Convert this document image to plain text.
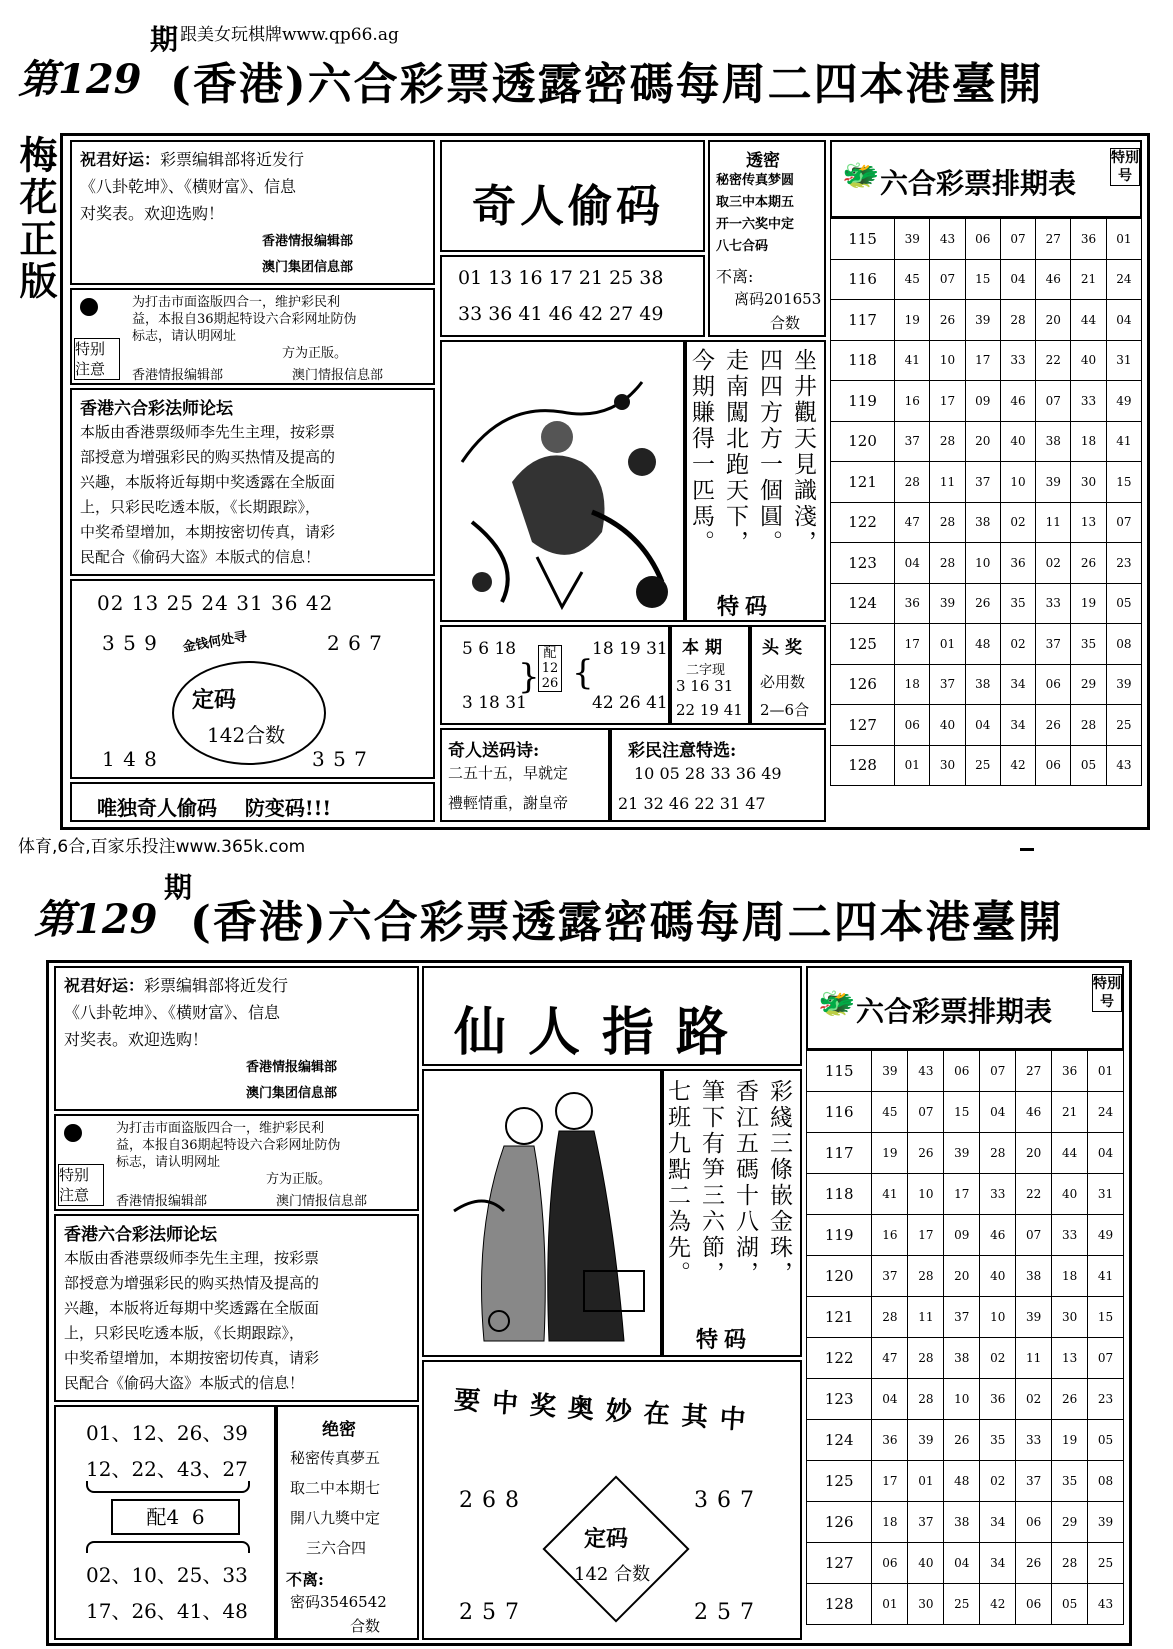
跟美女玩棋牌www.qp66.ag
第129
期
(香港)六合彩票透露密碼每周二四本港臺開
梅花正版	祝君好运：彩票编辑部将近发行
《八卦乾坤》、《横财富》、信息
对奖表。欢迎选购！
香港情报编辑部
澳门集团信息部
特别注意
为打击市面盗版四合一，维护彩民利
益，本报自36期起特设六合彩网址防伪
标志，请认明网址
方为正版。
香港情报编辑部	澳门情报信息部
香港六合彩法师论坛
本版由香港票级师李先生主理，按彩票
部授意为增强彩民的购买热情及提高的
兴趣，本版将近每期中奖透露在全版面
上，只彩民吃透本版，《长期跟踪》，
中奖希望增加，本期按密切传真，请彩
民配合《偷码大盗》本版式的信息！
02 13 25 24 31 36 42
3 5 9	2 6 7
金钱何处寻
定码
142合数
1 4 8	3 5 7
唯独奇人偷码    防变码!!!
奇人偷码
01 13 16 17 21 25 38
33 36 41 46 42 27 49
透密
秘密传真梦圆
取三中本期五
开一六奖中定
八七合码
不离:
离码201653
合数
坐井觀天見識淺，
四四方方一個圓。
走南闖北跑天下，
今期賺得一匹馬。
特码
5 6 18
3 18 31
}
配
12
26 {
18 19 31
42 26 41
本期
二字现
3 16 31
22 19 41
头奖
必用数
2—6合
奇人送码诗:
二五十五，早就定
禮輕情重，謝皇帝
彩民注意特选:
10 05 28 33 36 49
21 32 46 22 31 47
🐲 六合彩票排期表
特別号
115	39	43	06	07	27	36	01
116	45	07	15	04	46	21	24
117	19	26	39	28	20	44	04
118	41	10	17	33	22	40	31
119	16	17	09	46	07	33	49
120	37	28	20	40	38	18	41
121	28	11	37	10	39	30	15
122	47	28	38	02	11	13	07
123	04	28	10	36	02	26	23
124	36	39	26	35	33	19	05
125	17	01	48	02	37	35	08
126	18	37	38	34	06	29	39
127	06	40	04	34	26	28	25
128	01	30	25	42	06	05	43
体育,6合,百家乐投注www.365k.com
第129
期
(香港)六合彩票透露密碼每周二四本港臺開
祝君好运：彩票编辑部将近发行
《八卦乾坤》、《横财富》、信息
对奖表。欢迎选购！
香港情报编辑部
澳门集团信息部
特别注意
为打击市面盗版四合一，维护彩民利
益，本报自36期起特设六合彩网址防伪
标志，请认明网址
方为正版。
香港情报编辑部	澳门情报信息部
香港六合彩法师论坛
本版由香港票级师李先生主理，按彩票
部授意为增强彩民的购买热情及提高的
兴趣，本版将近每期中奖透露在全版面
上，只彩民吃透本版，《长期跟踪》，
中奖希望增加，本期按密切传真，请彩
民配合《偷码大盗》本版式的信息！
01、12、26、39
12、22、43、27
配4  6
02、10、25、33
17、26、41、48
绝密
秘密传真夢五
取二中本期七
開八九獎中定
三六合四
不离:
密码3546542
合数
仙人指路
彩綫三條嵌金珠，
香江五碼十八湖，
筆下有笋三六節，
七班九點二為先。
特码
要中奖奥妙在其中
2 6 8	3 6 7
定码
142 合数
2 5 7	2 5 7
🐲 六合彩票排期表
特別号
115	39	43	06	07	27	36	01
116	45	07	15	04	46	21	24
117	19	26	39	28	20	44	04
118	41	10	17	33	22	40	31
119	16	17	09	46	07	33	49
120	37	28	20	40	38	18	41
121	28	11	37	10	39	30	15
122	47	28	38	02	11	13	07
123	04	28	10	36	02	26	23
124	36	39	26	35	33	19	05
125	17	01	48	02	37	35	08
126	18	37	38	34	06	29	39
127	06	40	04	34	26	28	25
128	01	30	25	42	06	05	43
